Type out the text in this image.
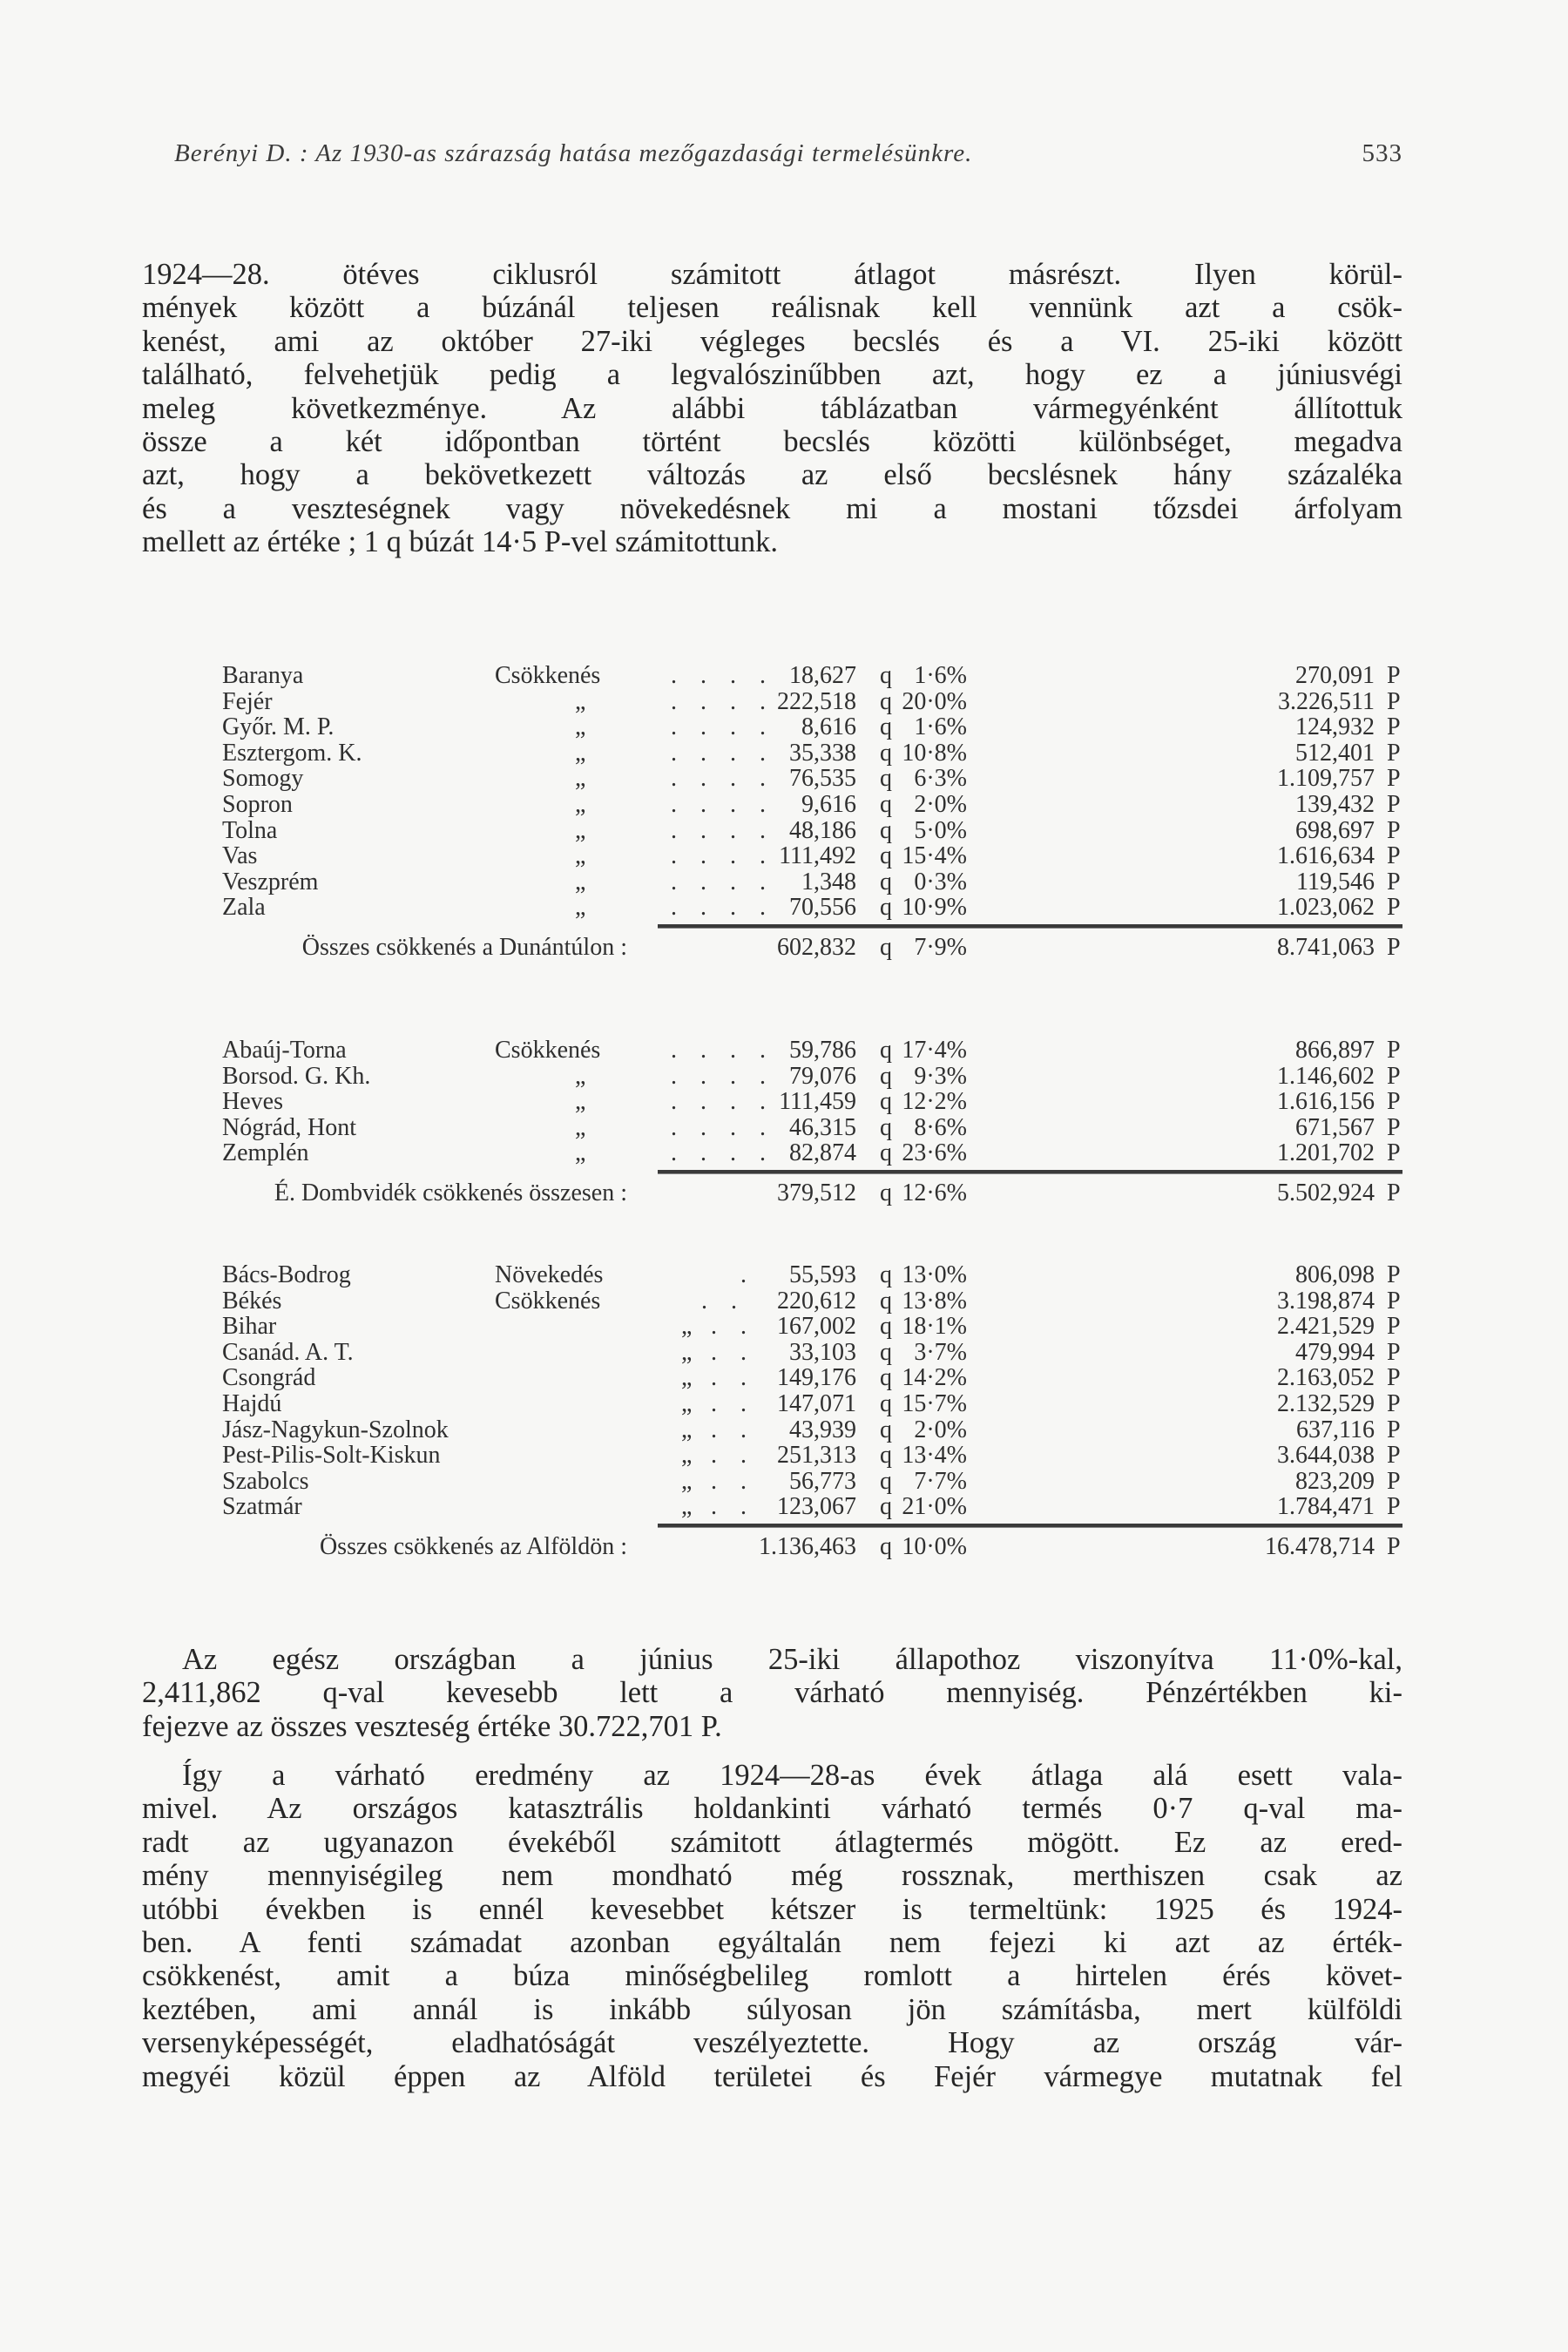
Berényi D. : Az 1930-as szárazság hatása mezőgazdasági termelésünkre.	533
1924—28. ötéves ciklusról számitott átlagot másrészt. Ilyen körül-
mények között a búzánál teljesen reálisnak kell vennünk azt a csök-
kenést, ami az október 27-iki végleges becslés és a VI. 25-iki között
található, felvehetjük pedig a legvalószinűbben azt, hogy ez a júniusvégi
meleg következménye. Az alábbi táblázatban vármegyénként állítottuk
össze a két időpontban történt becslés közötti különbséget, megadva
azt, hogy a bekövetkezett változás az első becslésnek hány százaléka
és a veszteségnek vagy növekedésnek mi a mostani tőzsdei árfolyam
mellett az értéke ; 1 q búzát 14·5 P-vel számitottunk.
Baranya	Csökkenés	. . . . 18,627 q 1·6%	270,091 P
Fejér	„	. . . . 222,518 q 20·0%	3.226,511 P
Győr. M. P.	„	. . . . 8,616 q 1·6%	124,932 P
Esztergom. K.	„	. . . . 35,338 q 10·8%	512,401 P
Somogy	„	. . . . 76,535 q 6·3%	1.109,757 P
Sopron	„	. . . . 9,616 q 2·0%	139,432 P
Tolna	„	. . . . 48,186 q 5·0%	698,697 P
Vas	„	. . . . 111,492 q 15·4%	1.616,634 P
Veszprém	„	. . . . 1,348 q 0·3%	119,546 P
Zala	„	. . . . 70,556 q 10·9%	1.023,062 P
Összes csökkenés a Dunántúlon :	602,832 q 7·9%	8.741,063 P
Abaúj-Torna	Csökkenés	. . . . 59,786 q 17·4%	866,897 P
Borsod. G. Kh.	„	. . . . 79,076 q 9·3%	1.146,602 P
Heves	„	. . . . 111,459 q 12·2%	1.616,156 P
Nógrád, Hont	„	. . . . 46,315 q 8·6%	671,567 P
Zemplén	„	. . . . 82,874 q 23·6%	1.201,702 P
É. Dombvidék csökkenés összesen :	379,512 q 12·6%	5.502,924 P
Bács-Bodrog	Növekedés	. 55,593 q 13·0%	806,098 P
Békés	Csökkenés	. . 220,612 q 13·8%	3.198,874 P
Bihar	„ . . 167,002 q 18·1%	2.421,529 P
Csanád. A. T.	„ . . 33,103 q 3·7%	479,994 P
Csongrád	„ . . 149,176 q 14·2%	2.163,052 P
Hajdú	„ . . 147,071 q 15·7%	2.132,529 P
Jász-Nagykun-Szolnok	„ . . 43,939 q 2·0%	637,116 P
Pest-Pilis-Solt-Kiskun	„ . . 251,313 q 13·4%	3.644,038 P
Szabolcs	„ . . 56,773 q 7·7%	823,209 P
Szatmár	„ . . 123,067 q 21·0%	1.784,471 P
Összes csökkenés az Alföldön :	1.136,463 q 10·0%	16.478,714 P
Az egész országban a június 25-iki állapothoz viszonyítva 11·0%-kal,
2,411,862 q-val kevesebb lett a várható mennyiség. Pénzértékben ki-
fejezve az összes veszteség értéke 30.722,701 P.
Így a várható eredmény az 1924—28-as évek átlaga alá esett vala-
mivel. Az országos katasztrális holdankinti várható termés 0·7 q-val ma-
radt az ugyanazon évekéből számitott átlagtermés mögött. Ez az ered-
mény mennyiségileg nem mondható még rossznak, merthiszen csak az
utóbbi években is ennél kevesebbet kétszer is termeltünk: 1925 és 1924-
ben. A fenti számadat azonban egyáltalán nem fejezi ki azt az érték-
csökkenést, amit a búza minőségbelileg romlott a hirtelen érés követ-
keztében, ami annál is inkább súlyosan jön számításba, mert külföldi
versenyképességét, eladhatóságát veszélyeztette. Hogy az ország vár-
megyéi közül éppen az Alföld területei és Fejér vármegye mutatnak fel
